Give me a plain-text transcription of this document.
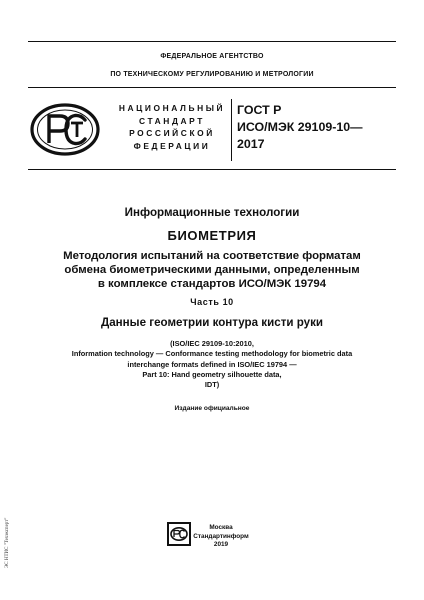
ФЕДЕРАЛЬНОЕ АГЕНТСТВО
ПО ТЕХНИЧЕСКОМУ РЕГУЛИРОВАНИЮ И МЕТРОЛОГИИ
НАЦИОНАЛЬНЫЙ
СТАНДАРТ
РОССИЙСКОЙ
ФЕДЕРАЦИИ
ГОСТ Р
ИСО/МЭК 29109-10—
2017
Информационные технологии
БИОМЕТРИЯ
Методология испытаний на соответствие форматам
обмена биометрическими данными, определенным
в комплексе стандартов ИСО/МЭК 19794
Часть 10
Данные геометрии контура кисти руки
(ISO/IEC 29109-10:2010,
Information technology — Conformance testing methodology for biometric data
interchange formats defined in ISO/IEC 19794 —
Part 10: Hand geometry silhouette data,
IDT)
Издание официальное
Москва
Стандартинформ
2019
ЭС НТИС "Техэксперт"
